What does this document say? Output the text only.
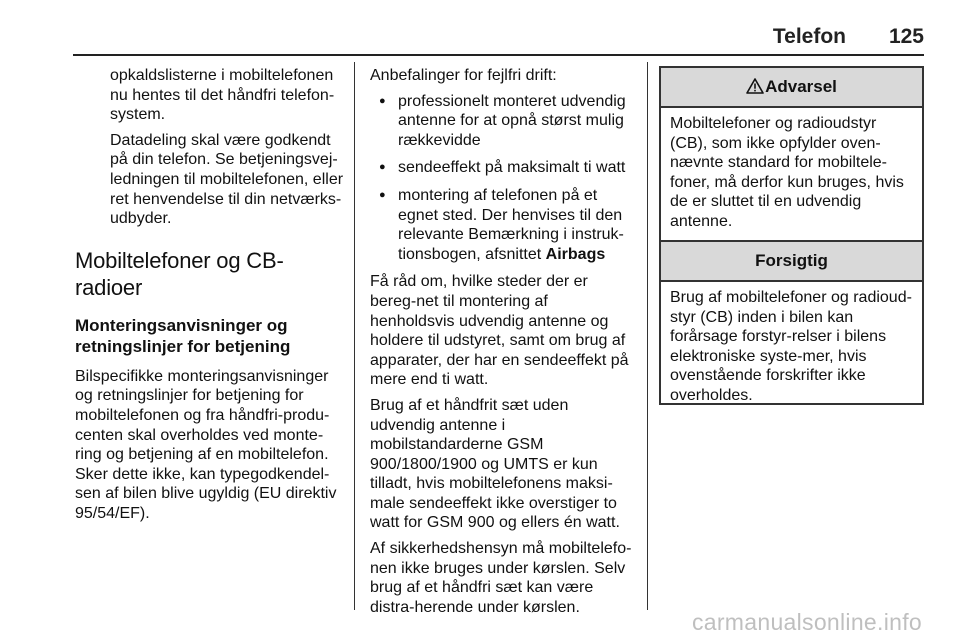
Telefon 125

opkaldslisterne i mobiltelefonen nu hentes til det håndfri telefon-system.

Datadeling skal være godkendt på din telefon. Se betjeningsvej-ledningen til mobiltelefonen, eller ret henvendelse til din netværks-udbyder.

Mobiltelefoner og CB-radioer
Monteringsanvisninger og retningslinjer for betjening

Bilspecifikke monteringsanvisninger og retningslinjer for betjening for mobiltelefonen og fra håndfri-produ-centen skal overholdes ved monte-ring og betjening af en mobiltelefon. Sker dette ikke, kan typegodkendel-sen af bilen blive ugyldig (EU direktiv 95/54/EF).

Anbefalinger for fejlfri drift:

● professionelt monteret udvendig antenne for at opnå størst mulig rækkevidde
● sendeeffekt på maksimalt ti watt
● montering af telefonen på et egnet sted. Der henvises til den relevante Bemærkning i instruk-tionsbogen, afsnittet Airbags

Få råd om, hvilke steder der er bereg-net til montering af henholdsvis udvendig antenne og holdere til udstyret, samt om brug af apparater, der har en sendeeffekt på mere end ti watt.

Brug af et håndfrit sæt uden udvendig antenne i mobilstandarderne GSM 900/1800/1900 og UMTS er kun tilladt, hvis mobiltelefonens maksi-male sendeeffekt ikke overstiger to watt for GSM 900 og ellers én watt.

Af sikkerhedshensyn må mobiltelefo-nen ikke bruges under kørslen. Selv brug af et håndfri sæt kan være distra-herende under kørslen.

Advarsel
Mobiltelefoner og radioudstyr (CB), som ikke opfylder oven-nævnte standard for mobiltele-foner, må derfor kun bruges, hvis de er sluttet til en udvendig antenne.
Forsigtig
Brug af mobiltelefoner og radioud-styr (CB) inden i bilen kan forårsage forstyr-relser i bilens elektroniske syste-mer, hvis ovenstående forskrifter ikke overholdes.
carmanualsonline.info
